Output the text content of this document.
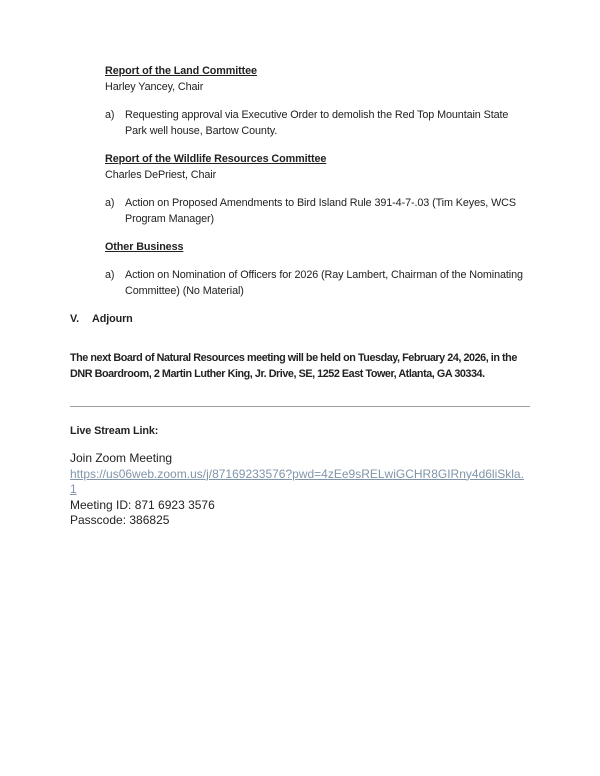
Report of the Land Committee
Harley Yancey, Chair
a) Requesting approval via Executive Order to demolish the Red Top Mountain State Park well house, Bartow County.
Report of the Wildlife Resources Committee
Charles DePriest, Chair
a) Action on Proposed Amendments to Bird Island Rule 391-4-7-.03 (Tim Keyes, WCS Program Manager)
Other Business
a) Action on Nomination of Officers for 2026 (Ray Lambert, Chairman of the Nominating Committee) (No Material)
V.	Adjourn
The next Board of Natural Resources meeting will be held on Tuesday, February 24, 2026, in the DNR Boardroom, 2 Martin Luther King, Jr. Drive, SE, 1252 East Tower, Atlanta, GA 30334.
Live Stream Link:
Join Zoom Meeting
https://us06web.zoom.us/j/87169233576?pwd=4zEe9sRELwiGCHR8GIRny4d6liSkla.1
Meeting ID: 871 6923 3576
Passcode: 386825
